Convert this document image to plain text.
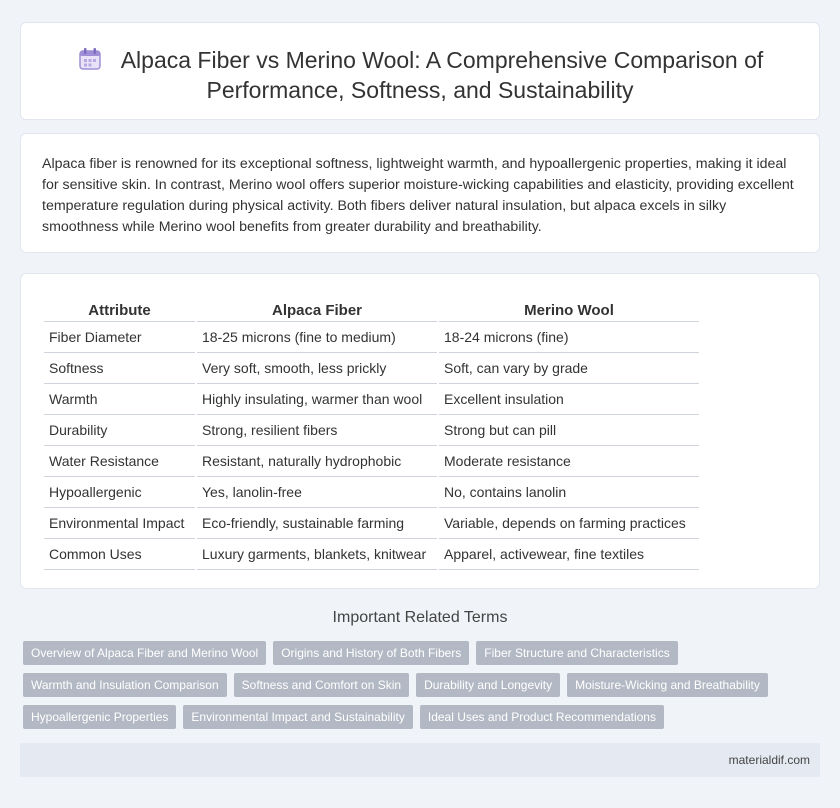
Alpaca Fiber vs Merino Wool: A Comprehensive Comparison of Performance, Softness, and Sustainability

Alpaca fiber is renowned for its exceptional softness, lightweight warmth, and hypoallergenic properties, making it ideal for sensitive skin. In contrast, Merino wool offers superior moisture-wicking capabilities and elasticity, providing excellent temperature regulation during physical activity. Both fibers deliver natural insulation, but alpaca excels in silky smoothness while Merino wool benefits from greater durability and breathability.

Attribute	Alpaca Fiber	Merino Wool
Fiber Diameter	18-25 microns (fine to medium)	18-24 microns (fine)
Softness	Very soft, smooth, less prickly	Soft, can vary by grade
Warmth	Highly insulating, warmer than wool	Excellent insulation
Durability	Strong, resilient fibers	Strong but can pill
Water Resistance	Resistant, naturally hydrophobic	Moderate resistance
Hypoallergenic	Yes, lanolin-free	No, contains lanolin
Environmental Impact	Eco-friendly, sustainable farming	Variable, depends on farming practices
Common Uses	Luxury garments, blankets, knitwear	Apparel, activewear, fine textiles
Important Related Terms
Overview of Alpaca Fiber and Merino Wool	Origins and History of Both Fibers	Fiber Structure and Characteristics
Warmth and Insulation Comparison	Softness and Comfort on Skin	Durability and Longevity	Moisture-Wicking and Breathability
Hypoallergenic Properties	Environmental Impact and Sustainability	Ideal Uses and Product Recommendations
materialdif.com
